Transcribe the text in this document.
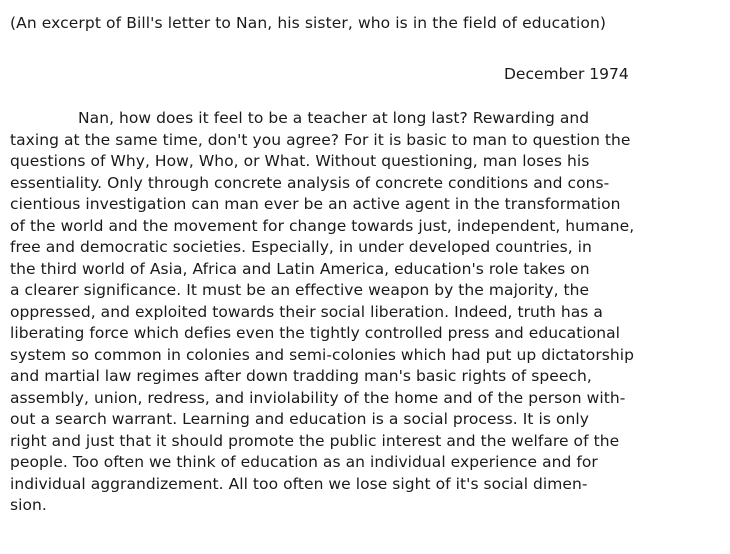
(An excerpt of Bill's letter to Nan, his sister, who is in the field of education)
December 1974
Nan, how does it feel to be a teacher at long last? Rewarding and
taxing at the same time, don't you agree? For it is basic to man to question the
questions of Why, How, Who, or What. Without questioning, man loses his
essentiality. Only through concrete analysis of concrete conditions and cons-
cientious investigation can man ever be an active agent in the transformation
of the world and the movement for change towards just, independent, humane,
free and democratic societies. Especially, in under developed countries, in
the third world of Asia, Africa and Latin America, education's role takes on
a clearer significance. It must be an effective weapon by the majority, the
oppressed, and exploited towards their social liberation. Indeed, truth has a
liberating force which defies even the tightly controlled press and educational
system so common in colonies and semi-colonies which had put up dictatorship
and martial law regimes after down tradding man's basic rights of speech,
assembly, union, redress, and inviolability of the home and of the person with-
out a search warrant. Learning and education is a social process. It is only
right and just that it should promote the public interest and the welfare of the
people. Too often we think of education as an individual experience and for
individual aggrandizement. All too often we lose sight of it's social dimen-
sion.
